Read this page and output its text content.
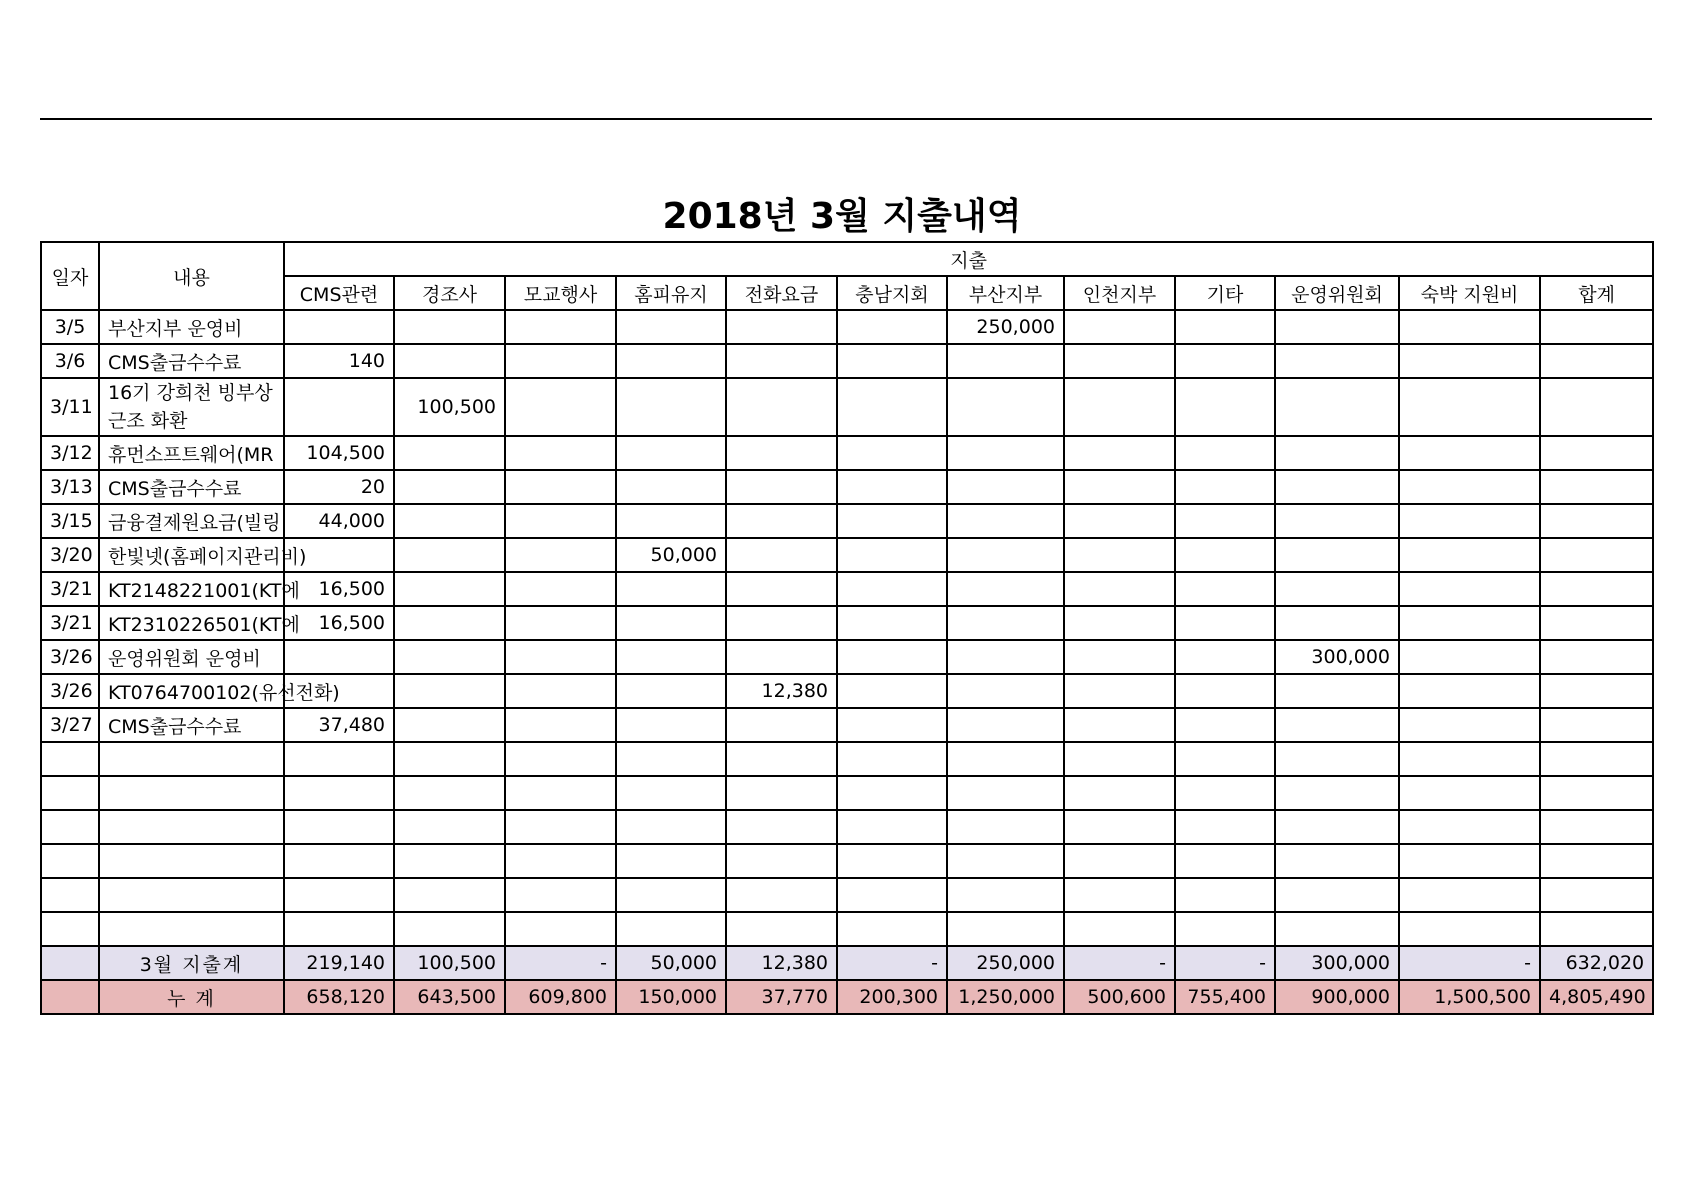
2018년 3월 지출내역
일자	내용	지출											
		CMS관련	경조사	모교행사	홈피유지	전화요금	충남지회	부산지부	인천지부	기타	운영위원회	숙박 지원비	합계
3/5	부산지부 운영비							250,000					
3/6	CMS출금수수료	140											
3/11	16기 강희천 빙부상 근조 화환		100,500										
3/12	휴먼소프트웨어(MR	104,500											
3/13	CMS출금수수료	20											
3/15	금융결제원요금(빌링	44,000											
3/20	한빛넷(홈페이지관리비)				50,000								
3/21	KT2148221001(KT에	16,500											
3/21	KT2310226501(KT에	16,500											
3/26	운영위원회 운영비										300,000		
3/26	KT0764700102(유선전화)					12,380							
3/27	CMS출금수수료	37,480											

	3월 지출계	219,140	100,500	-	50,000	12,380	-	250,000	-	-	300,000	-	632,020
	누 계	658,120	643,500	609,800	150,000	37,770	200,300	1,250,000	500,600	755,400	900,000	1,500,500	4,805,490
